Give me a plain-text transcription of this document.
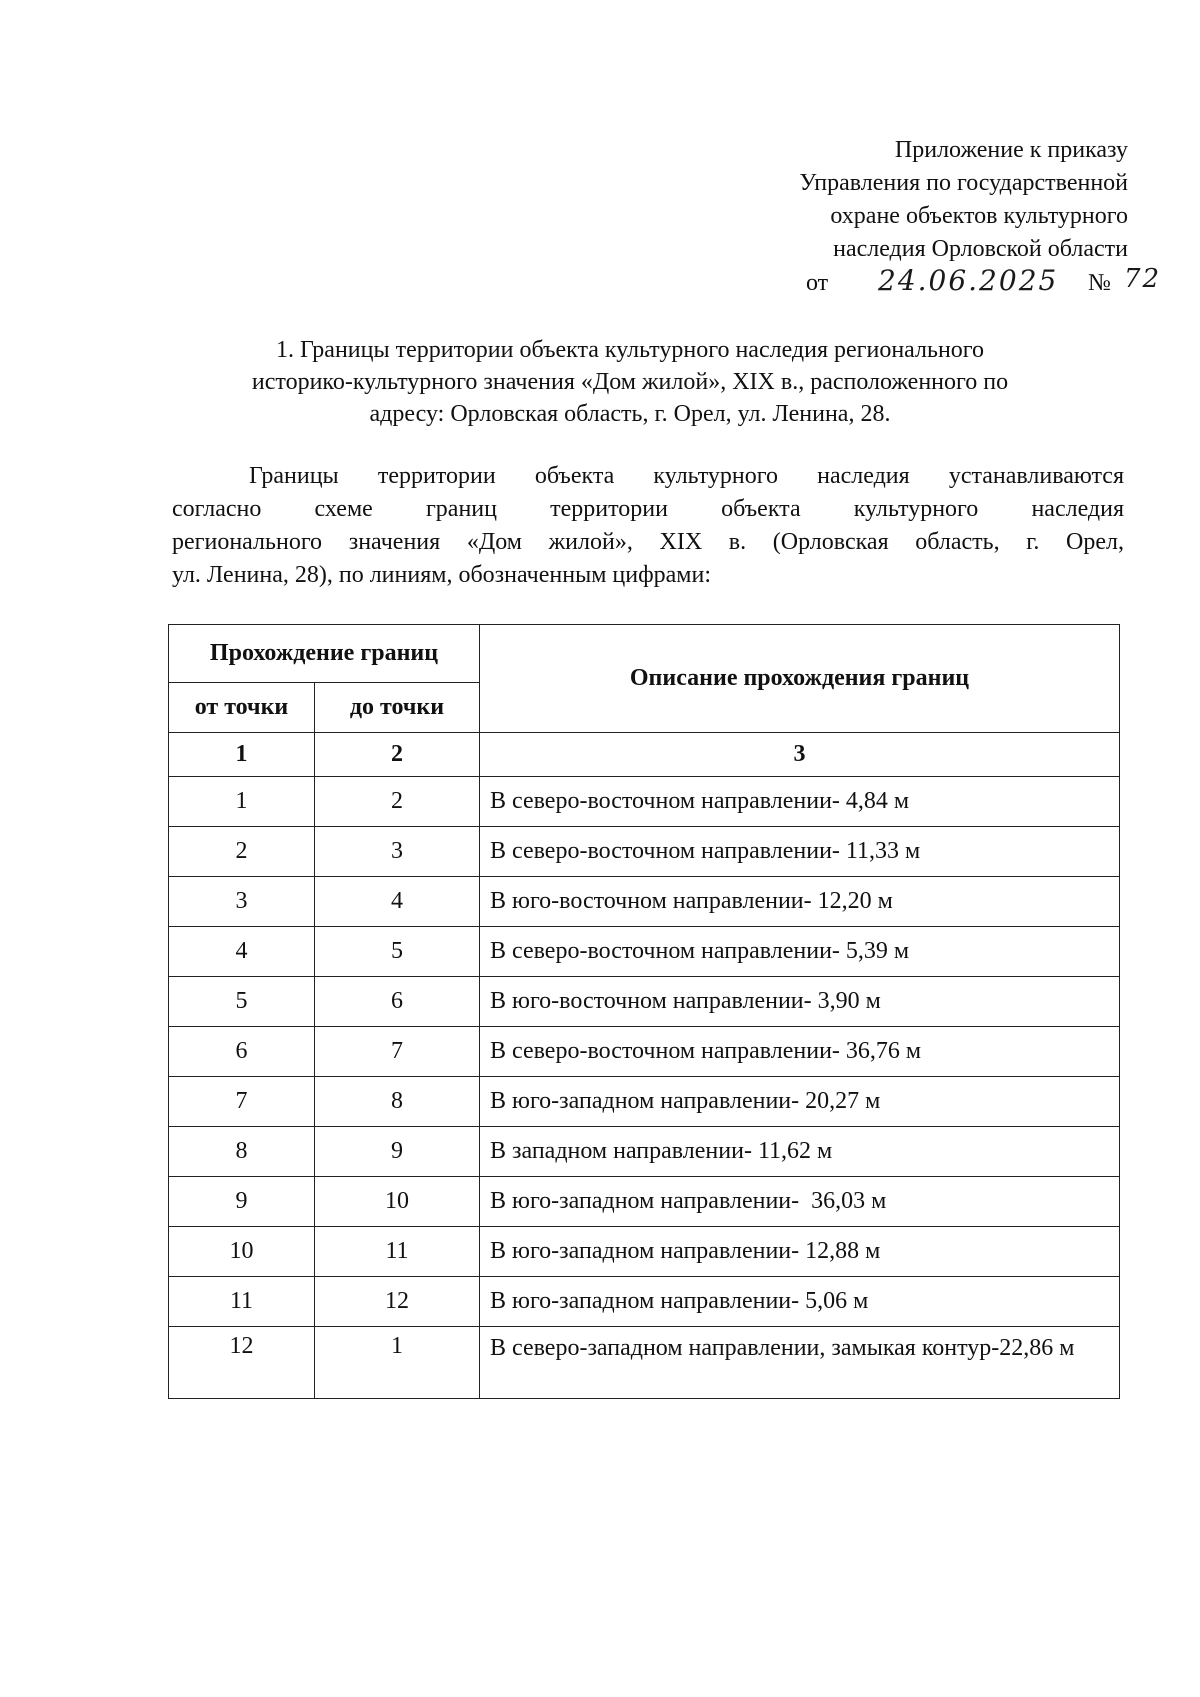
Приложение к приказу
Управления по государственной
охране объектов культурного
наследия Орловской области
от 24.06.2025 № 72
1. Границы территории объекта культурного наследия регионального
историко-культурного значения «Дом жилой», XIX в., расположенного по
адресу: Орловская область, г. Орел, ул. Ленина, 28.
Границы территории объекта культурного наследия устанавливаются
согласно схеме границ территории объекта культурного наследия
регионального значения «Дом жилой», XIX в. (Орловская область, г. Орел,
ул. Ленина, 28), по линиям, обозначенным цифрами:
Прохождение границ		Описание прохождения границ
от точки	до точки	
1	2	3
1	2	В северо-восточном направлении- 4,84 м
2	3	В северо-восточном направлении- 11,33 м
3	4	В юго-восточном направлении- 12,20 м
4	5	В северо-восточном направлении- 5,39 м
5	6	В юго-восточном направлении- 3,90 м
6	7	В северо-восточном направлении- 36,76 м
7	8	В юго-западном направлении- 20,27 м
8	9	В западном направлении- 11,62 м
9	10	В юго-западном направлении-  36,03 м
10	11	В юго-западном направлении- 12,88 м
11	12	В юго-западном направлении- 5,06 м
12	1	В северо-западном направлении, замыкая контур-22,86 м
